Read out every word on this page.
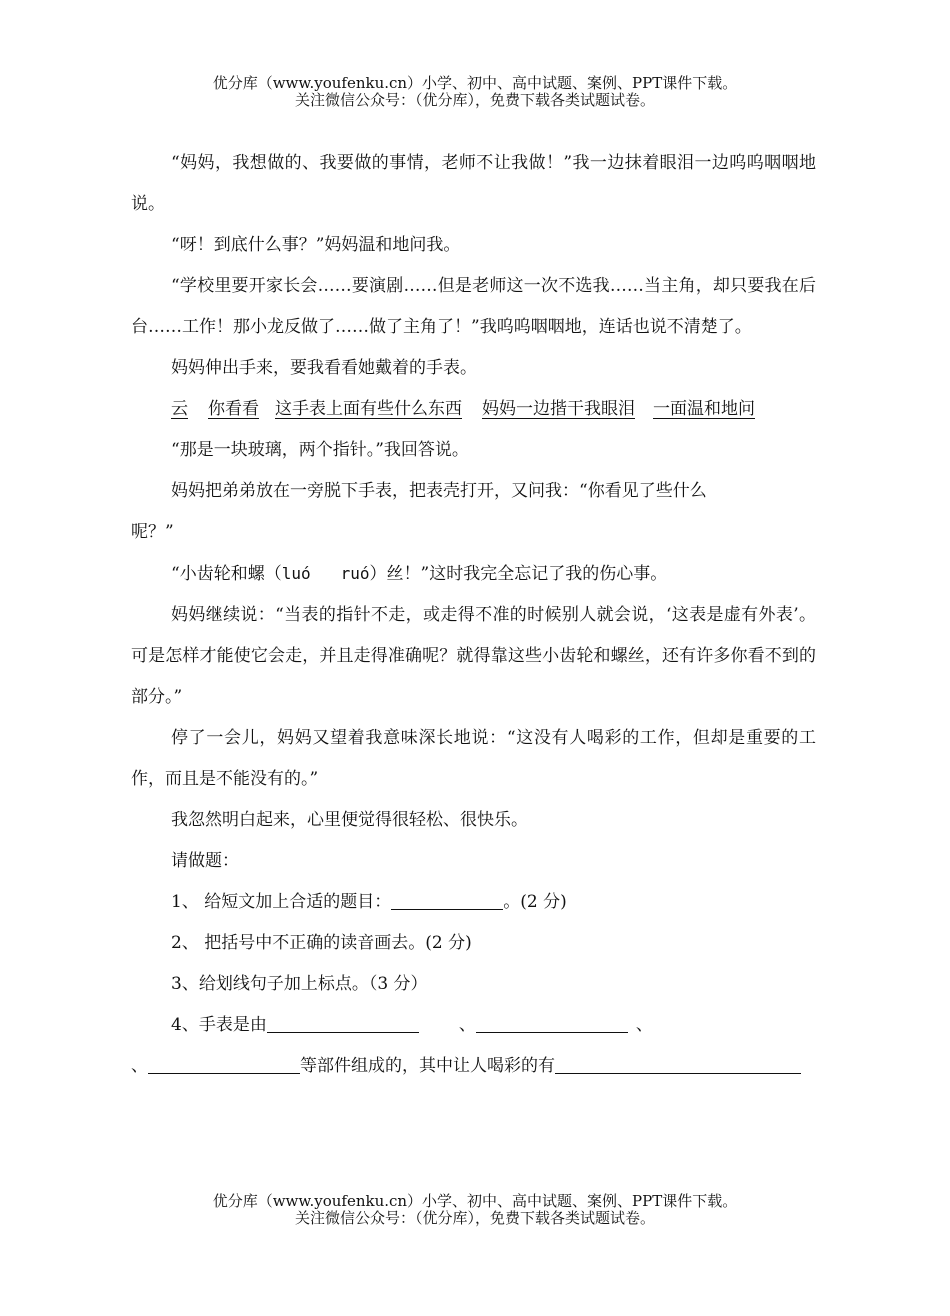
优分库（www.youfenku.cn）小学、初中、高中试题、案例、PPT课件下载。
关注微信公众号：（优分库），免费下载各类试题试卷。
“妈妈，我想做的、我要做的事情，老师不让我做！”我一边抹着眼泪一边呜呜咽咽地说。
“呀！到底什么事？”妈妈温和地问我。
“学校里要开家长会……要演剧……但是老师这一次不选我……当主角，却只要我在后台……工作！那小龙反做了……做了主角了！”我呜呜咽咽地，连话也说不清楚了。
妈妈伸出手来，要我看看她戴着的手表。
云 你看看 这手表上面有些什么东西 妈妈一边揩干我眼泪 一面温和地问
“那是一块玻璃，两个指针。”我回答说。
妈妈把弟弟放在一旁脱下手表，把表壳打开，又问我：“你看见了些什么
呢？”
“小齿轮和螺（luó ruó）丝！”这时我完全忘记了我的伤心事。
妈妈继续说：“当表的指针不走，或走得不准的时候别人就会说，‘这表是虚有外表’。可是怎样才能使它会走，并且走得准确呢？就得靠这些小齿轮和螺丝，还有许多你看不到的部分。”
停了一会儿，妈妈又望着我意味深长地说：“这没有人喝彩的工作，但却是重要的工作，而且是不能没有的。”
我忽然明白起来，心里便觉得很轻松、很快乐。
请做题：
1、 给短文加上合适的题目：	。(2 分)
2、 把括号中不正确的读音画去。(2 分)
3、给划线句子加上标点。（3 分）
4、手表是由	、	、
、	等部件组成的，其中让人喝彩的有
优分库（www.youfenku.cn）小学、初中、高中试题、案例、PPT课件下载。
关注微信公众号：（优分库），免费下载各类试题试卷。
